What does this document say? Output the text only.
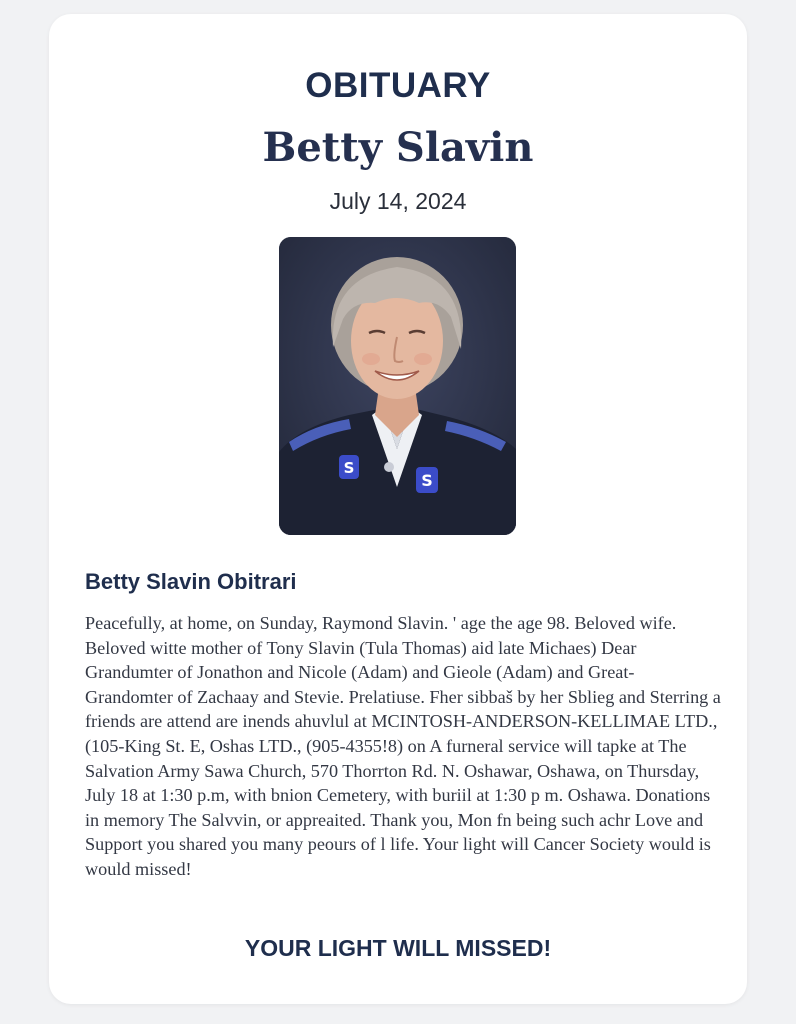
OBITUARY
Betty Slavin
July 14, 2024
S
S
Betty Slavin Obitrari

Peacefully, at home, on Sunday, Raymond Slavin. ' age the age 98. Beloved wife. Beloved witte mother of Tony Slavin (Tula Thomas) aid late Michaes) Dear Grandumter of Jonathon and Nicole (Adam) and Gieole (Adam) and Great-Grandomter of Zachaay and Stevie. Prelatiuse. Fher sibbaš by her Sblieg and Sterring a friends are attend are inends ahuvlul at MCINTOSH-ANDERSON-KELLIMAE LTD., (105-King St. E, Oshas LTD., (905-4355!8) on A furneral service will tapke at The Salvation Army Sawa Church, 570 Thorrton Rd. N. Oshawar, Oshawa, on Thursday, July 18 at 1:30 p.m, with bnion Cemetery, with buriil at 1:30 p m. Oshawa. Donations in memory The Salvvin, or appreaited. Thank you, Mon fn being such achr Love and Support you shared you many peours of l life. Your light will Cancer Society would is would missed!

YOUR LIGHT WILL MISSED!
